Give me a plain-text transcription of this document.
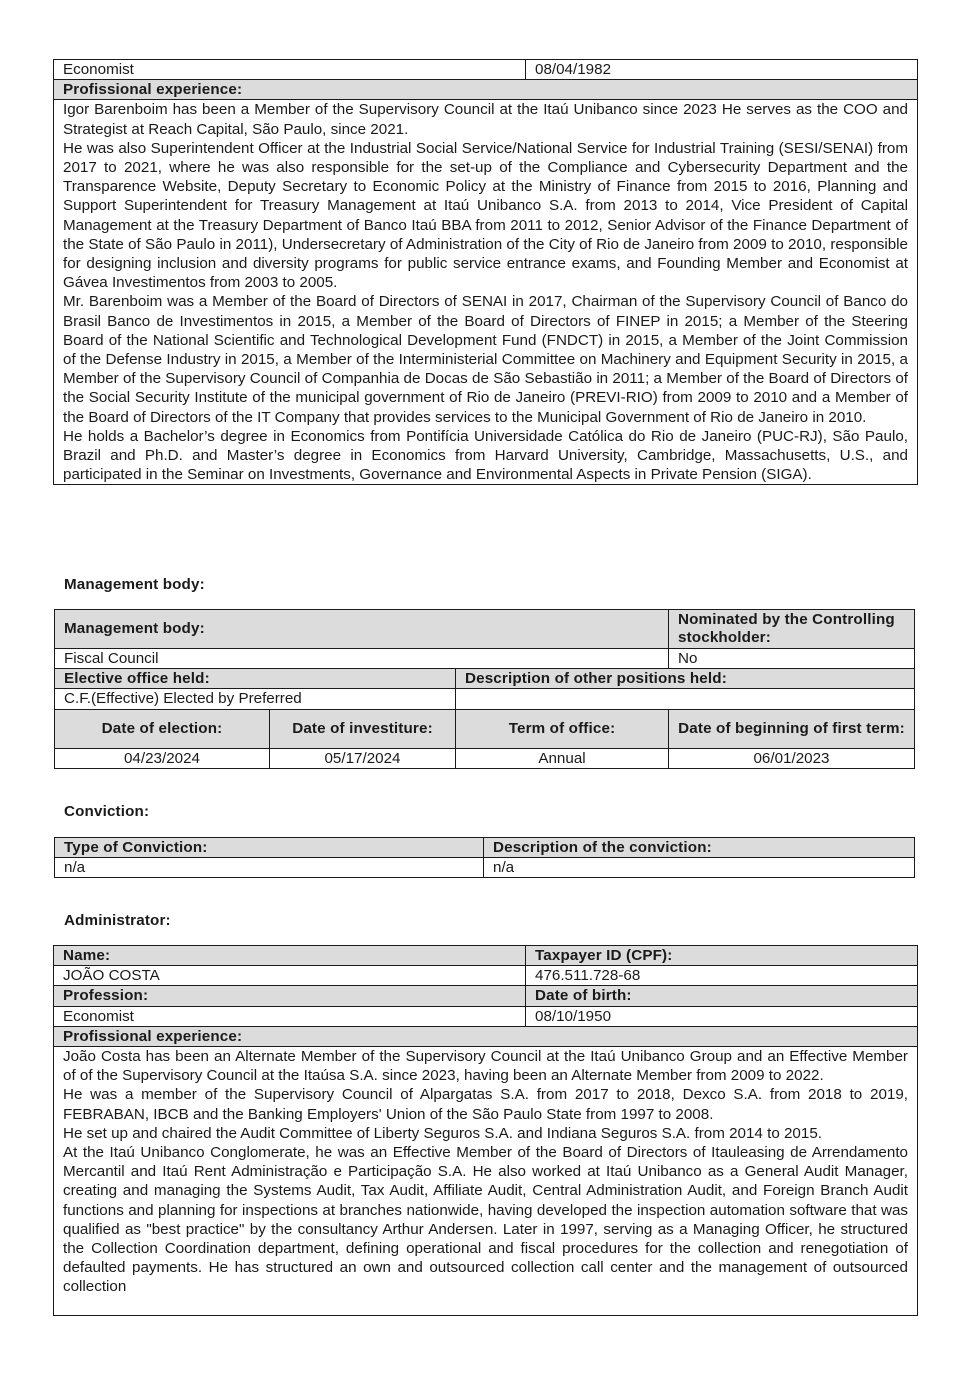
Economist	08/04/1982
Profissional experience:

Igor Barenboim has been a Member of the Supervisory Council at the Itaú Unibanco since 2023 He serves as the COO and Strategist at Reach Capital, São Paulo, since 2021.
He was also Superintendent Officer at the Industrial Social Service/National Service for Industrial Training (SESI/SENAI) from 2017 to 2021, where he was also responsible for the set-up of the Compliance and Cybersecurity Department and the Transparence Website, Deputy Secretary to Economic Policy at the Ministry of Finance from 2015 to 2016, Planning and Support Superintendent for Treasury Management at Itaú Unibanco S.A. from 2013 to 2014, Vice President of Capital Management at the Treasury Department of Banco Itaú BBA from 2011 to 2012, Senior Advisor of the Finance Department of the State of São Paulo in 2011), Undersecretary of Administration of the City of Rio de Janeiro from 2009 to 2010, responsible for designing inclusion and diversity programs for public service entrance exams, and Founding Member and Economist at Gávea Investimentos from 2003 to 2005.
Mr. Barenboim was a Member of the Board of Directors of SENAI in 2017, Chairman of the Supervisory Council of Banco do Brasil Banco de Investimentos in 2015, a Member of the Board of Directors of FINEP in 2015; a Member of the Steering Board of the National Scientific and Technological Development Fund (FNDCT) in 2015, a Member of the Joint Commission of the Defense Industry in 2015, a Member of the Interministerial Committee on Machinery and Equipment Security in 2015, a Member of the Supervisory Council of Companhia de Docas de São Sebastião in 2011; a Member of the Board of Directors of the Social Security Institute of the municipal government of Rio de Janeiro (PREVI-RIO) from 2009 to 2010 and a Member of the Board of Directors of the IT Company that provides services to the Municipal Government of Rio de Janeiro in 2010.
He holds a Bachelor’s degree in Economics from Pontifícia Universidade Católica do Rio de Janeiro (PUC-RJ), São Paulo, Brazil and Ph.D. and Master’s degree in Economics from Harvard University, Cambridge, Massachusetts, U.S., and participated in the Seminar on Investments, Governance and Environmental Aspects in Private Pension (SIGA).
Management body:
Management body:			Nominated by the Controlling stockholder:
Fiscal Council			No
Elective office held:		Description of other positions held:	
C.F.(Effective) Elected by Preferred			
Date of election:	Date of investiture:	Term of office:	Date of beginning of first term:
04/23/2024	05/17/2024	Annual	06/01/2023
Conviction:
Type of Conviction:	Description of the conviction:
n/a	n/a
Administrator:
Name:	Taxpayer ID (CPF):
JOÃO COSTA	476.511.728-68
Profession:	Date of birth:
Economist	08/10/1950
Profissional experience:	

João Costa has been an Alternate Member of the Supervisory Council at the Itaú Unibanco Group and an Effective Member of of the Supervisory Council at the Itaúsa S.A. since 2023, having been an Alternate Member from 2009 to 2022.
He was a member of the Supervisory Council of Alpargatas S.A. from 2017 to 2018, Dexco S.A. from 2018 to 2019, FEBRABAN, IBCB and the Banking Employers' Union of the São Paulo State from 1997 to 2008.
He set up and chaired the Audit Committee of Liberty Seguros S.A. and Indiana Seguros S.A. from 2014 to 2015.
At the Itaú Unibanco Conglomerate, he was an Effective Member of the Board of Directors of Itauleasing de Arrendamento Mercantil and Itaú Rent Administração e Participação S.A. He also worked at Itaú Unibanco as a General Audit Manager, creating and managing the Systems Audit, Tax Audit, Affiliate Audit, Central Administration Audit, and Foreign Branch Audit functions and planning for inspections at branches nationwide, having developed the inspection automation software that was qualified as "best practice" by the consultancy Arthur Andersen. Later in 1997, serving as a Managing Officer, he structured the Collection Coordination department, defining operational and fiscal procedures for the collection and renegotiation of defaulted payments. He has structured an own and outsourced collection call center and the management of outsourced collection	
